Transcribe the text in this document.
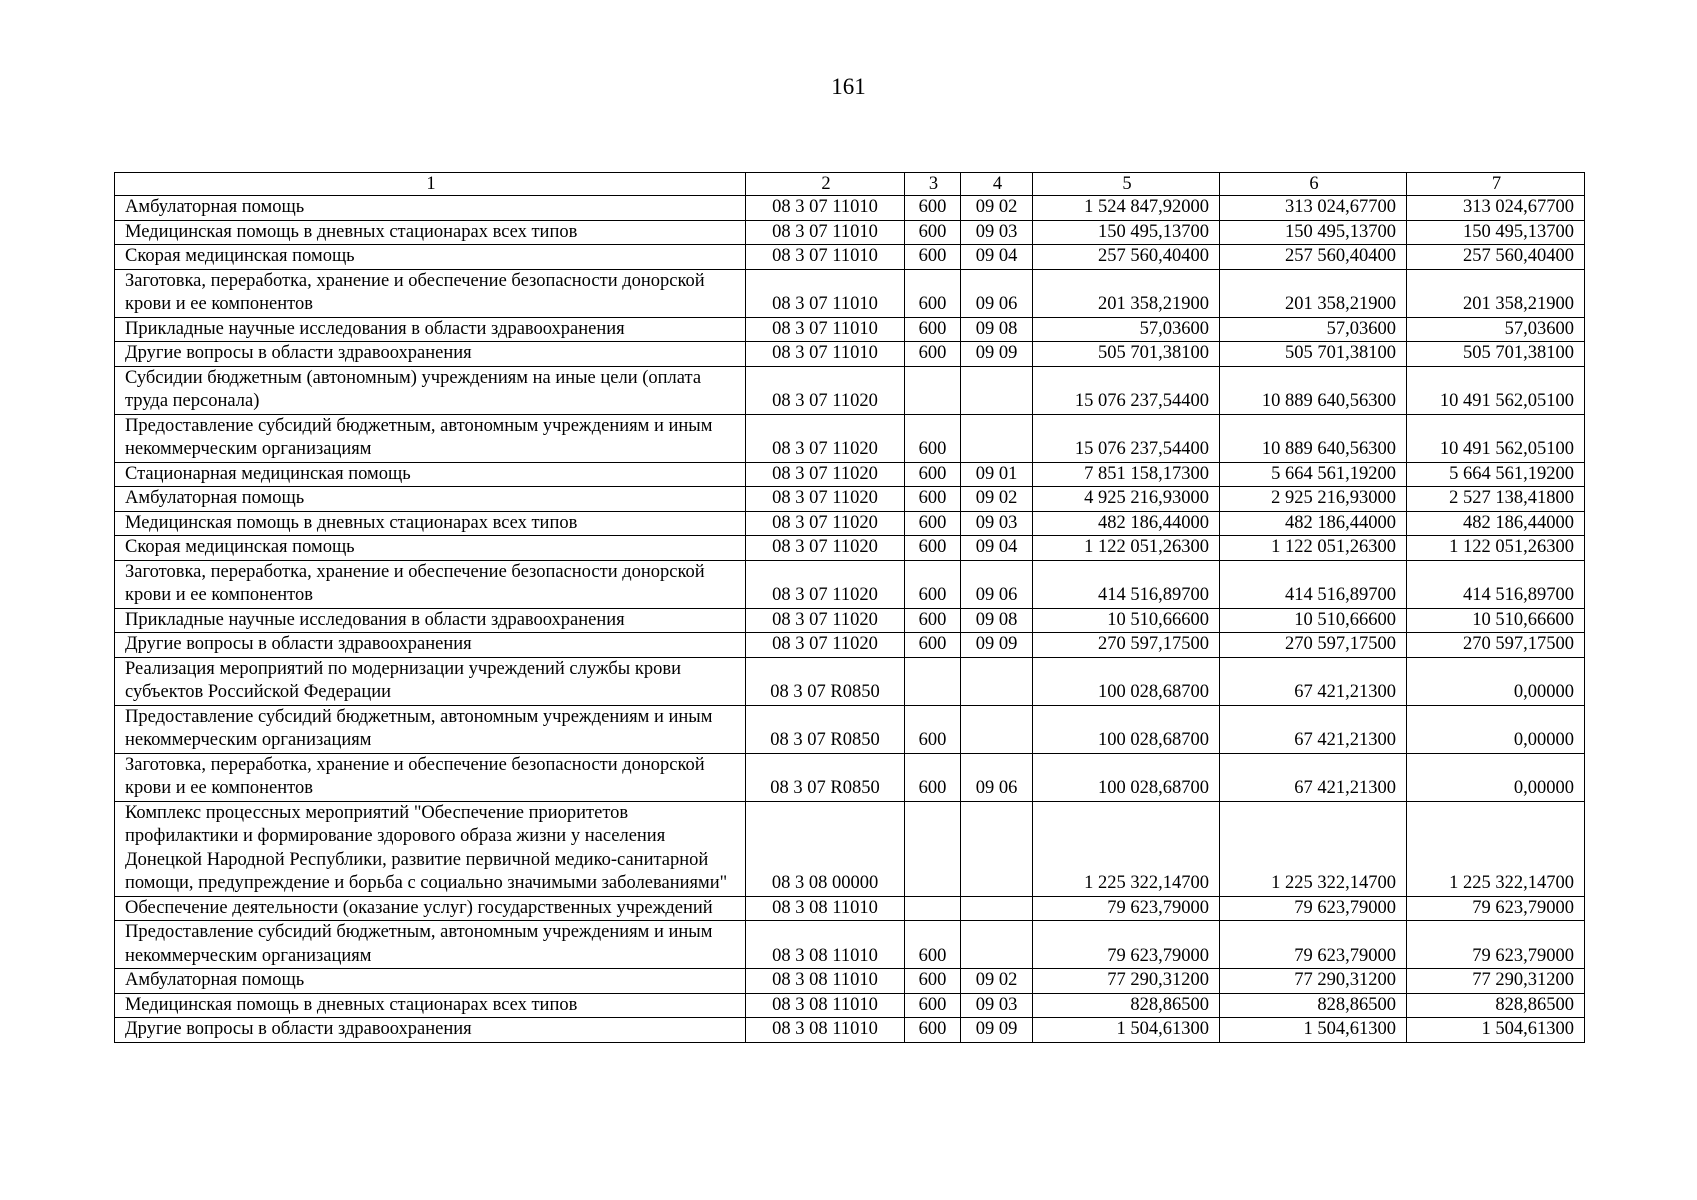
161
1	2	3	4	5	6	7
Амбулаторная помощь	08 3 07 11010	600	09 02	1 524 847,92000	313 024,67700	313 024,67700
Медицинская помощь в дневных стационарах всех типов	08 3 07 11010	600	09 03	150 495,13700	150 495,13700	150 495,13700
Скорая медицинская помощь	08 3 07 11010	600	09 04	257 560,40400	257 560,40400	257 560,40400
Заготовка, переработка, хранение и обеспечение безопасности донорской крови и ее компонентов	08 3 07 11010	600	09 06	201 358,21900	201 358,21900	201 358,21900
Прикладные научные исследования в области здравоохранения	08 3 07 11010	600	09 08	57,03600	57,03600	57,03600
Другие вопросы в области здравоохранения	08 3 07 11010	600	09 09	505 701,38100	505 701,38100	505 701,38100
Субсидии бюджетным (автономным) учреждениям на иные цели (оплата труда персонала)	08 3 07 11020			15 076 237,54400	10 889 640,56300	10 491 562,05100
Предоставление субсидий бюджетным, автономным учреждениям и иным некоммерческим организациям	08 3 07 11020	600		15 076 237,54400	10 889 640,56300	10 491 562,05100
Стационарная медицинская помощь	08 3 07 11020	600	09 01	7 851 158,17300	5 664 561,19200	5 664 561,19200
Амбулаторная помощь	08 3 07 11020	600	09 02	4 925 216,93000	2 925 216,93000	2 527 138,41800
Медицинская помощь в дневных стационарах всех типов	08 3 07 11020	600	09 03	482 186,44000	482 186,44000	482 186,44000
Скорая медицинская помощь	08 3 07 11020	600	09 04	1 122 051,26300	1 122 051,26300	1 122 051,26300
Заготовка, переработка, хранение и обеспечение безопасности донорской крови и ее компонентов	08 3 07 11020	600	09 06	414 516,89700	414 516,89700	414 516,89700
Прикладные научные исследования в области здравоохранения	08 3 07 11020	600	09 08	10 510,66600	10 510,66600	10 510,66600
Другие вопросы в области здравоохранения	08 3 07 11020	600	09 09	270 597,17500	270 597,17500	270 597,17500
Реализация мероприятий по модернизации учреждений службы крови субъектов Российской Федерации	08 3 07 R0850			100 028,68700	67 421,21300	0,00000
Предоставление субсидий бюджетным, автономным учреждениям и иным некоммерческим организациям	08 3 07 R0850	600		100 028,68700	67 421,21300	0,00000
Заготовка, переработка, хранение и обеспечение безопасности донорской крови и ее компонентов	08 3 07 R0850	600	09 06	100 028,68700	67 421,21300	0,00000
Комплекс процессных мероприятий "Обеспечение приоритетов профилактики и формирование здорового образа жизни у населения Донецкой Народной Республики, развитие первичной медико-санитарной помощи, предупреждение и борьба с социально значимыми заболеваниями"	08 3 08 00000			1 225 322,14700	1 225 322,14700	1 225 322,14700
Обеспечение деятельности (оказание услуг) государственных учреждений	08 3 08 11010			79 623,79000	79 623,79000	79 623,79000
Предоставление субсидий бюджетным, автономным учреждениям и иным некоммерческим организациям	08 3 08 11010	600		79 623,79000	79 623,79000	79 623,79000
Амбулаторная помощь	08 3 08 11010	600	09 02	77 290,31200	77 290,31200	77 290,31200
Медицинская помощь в дневных стационарах всех типов	08 3 08 11010	600	09 03	828,86500	828,86500	828,86500
Другие вопросы в области здравоохранения	08 3 08 11010	600	09 09	1 504,61300	1 504,61300	1 504,61300
